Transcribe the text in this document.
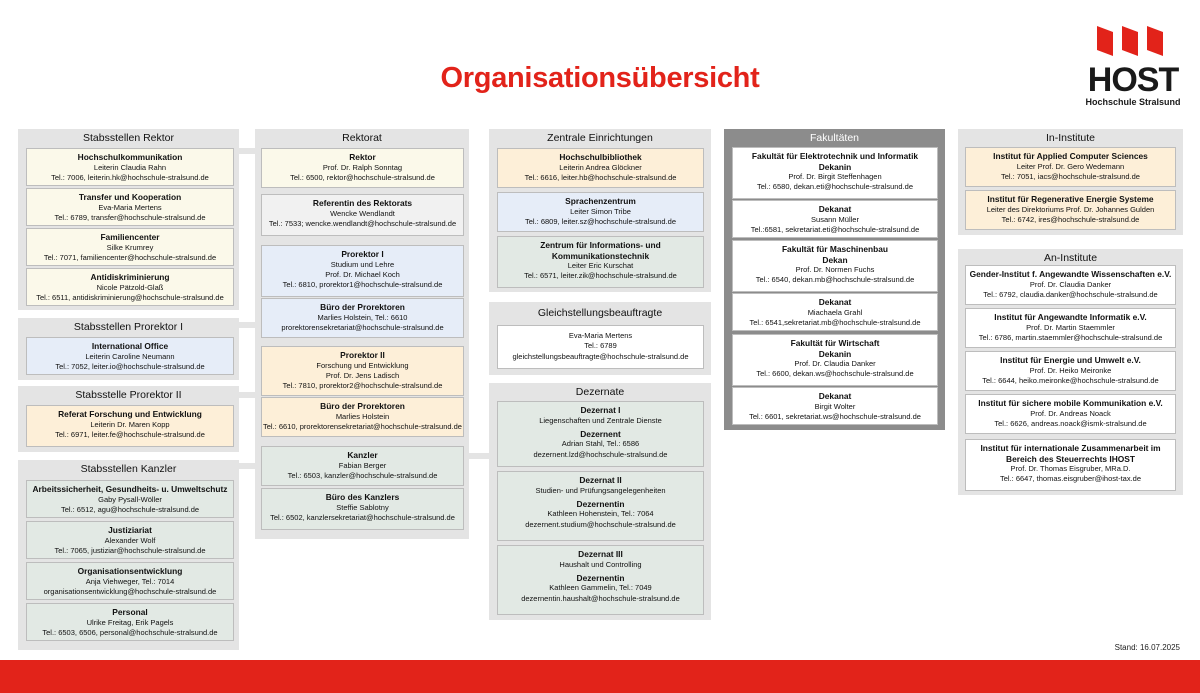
Organisationsübersicht	HOST
Hochschule Stralsund
Stabsstellen Rektor
Hochschulkommunikation
Leiterin Claudia Rahn
Tel.: 7006, leiterin.hk@hochschule-stralsund.de
Transfer und Kooperation
Eva-Maria Mertens
Tel.: 6789, transfer@hochschule-stralsund.de
Familiencenter
Silke Krumrey
Tel.: 7071, familiencenter@hochschule-stralsund.de
Antidiskriminierung
Nicole Pätzold-Glaß
Tel.: 6511, antidiskriminierung@hochschule-stralsund.de
Stabsstellen Prorektor I
International Office
Leiterin Caroline Neumann
Tel.: 7052, leiter.io@hochschule-stralsund.de
Stabsstelle Prorektor II
Referat Forschung und Entwicklung
Leiterin Dr. Maren Kopp
Tel.: 6971, leiter.fe@hochschule-stralsund.de
Stabsstellen Kanzler
Arbeitssicherheit, Gesundheits- u. Umweltschutz
Gaby Pysall-Wöller
Tel.: 6512, agu@hochschule-stralsund.de
Justiziariat
Alexander Wolf
Tel.: 7065, justiziar@hochschule-stralsund.de
Organisationsentwicklung
Anja Viehweger, Tel.: 7014
organisationsentwicklung@hochschule-stralsund.de
Personal
Ulrike Freitag, Erik Pagels
Tel.: 6503, 6506, personal@hochschule-stralsund.de
Rektorat
Rektor
Prof. Dr. Ralph Sonntag
Tel.: 6500, rektor@hochschule-stralsund.de
Referentin des Rektorats
Wencke Wendlandt
Tel.: 7533; wencke.wendlandt@hochschule-stralsund.de
Prorektor I
Studium und Lehre
Prof. Dr. Michael Koch
Tel.: 6810, prorektor1@hochschule-stralsund.de
Büro der Prorektoren
Marlies Holstein, Tel.: 6610
prorektorensekretariat@hochschule-stralsund.de
Prorektor II
Forschung und Entwicklung
Prof. Dr. Jens Ladisch
Tel.: 7810, prorektor2@hochschule-stralsund.de
Büro der Prorektoren
Marlies Holstein
Tel.: 6610, prorektorensekretariat@hochschule-stralsund.de
Kanzler
Fabian Berger
Tel.: 6503, kanzler@hochschule-stralsund.de
Büro des Kanzlers
Steffie Sablotny
Tel.: 6502, kanzlersekretariat@hochschule-stralsund.de
Zentrale Einrichtungen
Hochschulbibliothek
Leiterin Andrea Glöckner
Tel.: 6616, leiter.hb@hochschule-stralsund.de
Sprachenzentrum
Leiter Simon Tribe
Tel.: 6809, leiter.sz@hochschule-stralsund.de
Zentrum für Informations- und
Kommunikationstechnik
Leiter Eric Kurschat
Tel.: 6571, leiter.zik@hochschule-stralsund.de
Gleichstellungsbeauftragte
Eva-Maria Mertens
Tel.: 6789
gleichstellungsbeauftragte@hochschule-stralsund.de
Dezernate
Dezernat I
Liegenschaften und Zentrale Dienste
Dezernent
Adrian Stahl, Tel.: 6586
dezernent.lzd@hochschule-stralsund.de
Dezernat II
Studien- und Prüfungsangelegenheiten
Dezernentin
Kathleen Hohenstein, Tel.: 7064
dezernent.studium@hochschule-stralsund.de
Dezernat III
Haushalt und Controlling
Dezernentin
Kathleen Gammelin, Tel.: 7049
dezernentin.haushalt@hochschule-stralsund.de
Fakultäten
Fakultät für Elektrotechnik und Informatik
Dekanin
Prof. Dr. Birgit Steffenhagen
Tel.: 6580, dekan.eti@hochschule-stralsund.de
Dekanat
Susann Müller
Tel.:6581, sekretariat.eti@hochschule-stralsund.de
Fakultät für Maschinenbau
Dekan
Prof. Dr. Normen Fuchs
Tel.: 6540, dekan.mb@hochschule-stralsund.de
Dekanat
Miachaela Grahl
Tel.: 6541,sekretariat.mb@hochschule-stralsund.de
Fakultät für Wirtschaft
Dekanin
Prof. Dr. Claudia Danker
Tel.: 6600, dekan.ws@hochschule-stralsund.de
Dekanat
Birgit Wolter
Tel.: 6601, sekretariat.ws@hochschule-stralsund.de
In-Institute
Institut für Applied Computer Sciences
Leiter Prof. Dr. Gero Wedemann
Tel.: 7051, iacs@hochschule-stralsund.de
Institut für Regenerative Energie Systeme
Leiter des Direktoriums Prof. Dr. Johannes Gulden
Tel.: 6742, ires@hochschule-stralsund.de
An-Institute
Gender-Institut f. Angewandte Wissenschaften e.V.
Prof. Dr. Claudia Danker
Tel.: 6792, claudia.danker@hochschule-stralsund.de
Institut für Angewandte Informatik e.V.
Prof. Dr. Martin Staemmler
Tel.: 6786, martin.staemmler@hochschule-stralsund.de
Institut für Energie und Umwelt e.V.
Prof. Dr. Heiko Meironke
Tel.: 6644, heiko.meironke@hochschule-stralsund.de
Institut für sichere mobile Kommunikation e.V.
Prof. Dr. Andreas Noack
Tel.: 6626, andreas.noack@ismk-stralsund.de
Institut für internationale Zusammenarbeit im
Bereich des Steuerrechts IHOST
Prof. Dr. Thomas Eisgruber, MRa.D.
Tel.: 6647, thomas.eisgruber@ihost-tax.de
Stand: 16.07.2025
